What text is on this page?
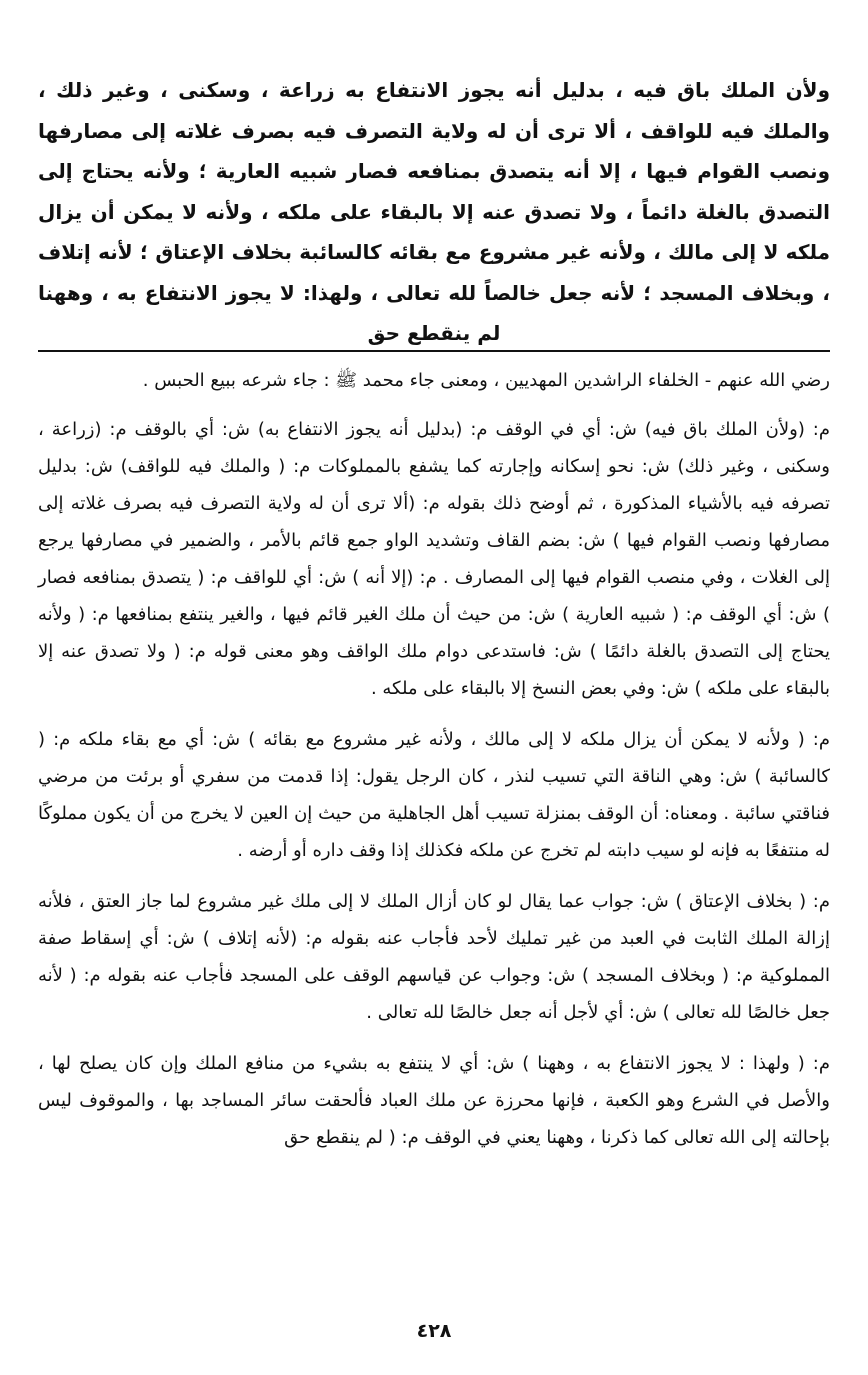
ولأن الملك باق فيه ، بدليل أنه يجوز الانتفاع به زراعة ، وسكنى ، وغير ذلك ، والملك فيه للواقف ، ألا ترى أن له ولاية التصرف فيه بصرف غلاته إلى مصارفها ونصب القوام فيها ، إلا أنه يتصدق بمنافعه فصار شبيه العارية ؛ ولأنه يحتاج إلى التصدق بالغلة دائماً ، ولا تصدق عنه إلا بالبقاء على ملكه ، ولأنه لا يمكن أن يزال ملكه لا إلى مالك ، ولأنه غير مشروع مع بقائه كالسائبة بخلاف الإعتاق ؛ لأنه إتلاف ، وبخلاف المسجد ؛ لأنه جعل خالصاً لله تعالى ، ولهذا: لا يجوز الانتفاع به ، وههنا لم ينقطع حق

رضي الله عنهم - الخلفاء الراشدين المهديين ، ومعنى جاء محمد ﷺ : جاء شرعه ببيع الحبس .

م: (ولأن الملك باق فيه) ش: أي في الوقف م: (بدليل أنه يجوز الانتفاع به) ش: أي بالوقف م: (زراعة ، وسكنى ، وغير ذلك) ش: نحو إسكانه وإجارته كما يشفع بالمملوكات م: ( والملك فيه للواقف) ش: بدليل تصرفه فيه بالأشياء المذكورة ، ثم أوضح ذلك بقوله م: (ألا ترى أن له ولاية التصرف فيه بصرف غلاته إلى مصارفها ونصب القوام فيها ) ش: بضم القاف وتشديد الواو جمع قائم بالأمر ، والضمير في مصارفها يرجع إلى الغلات ، وفي منصب القوام فيها إلى المصارف . م: (إلا أنه ) ش: أي للواقف م: ( يتصدق بمنافعه فصار ) ش: أي الوقف م: ( شبيه العارية ) ش: من حيث أن ملك الغير قائم فيها ، والغير ينتفع بمنافعها م: ( ولأنه يحتاج إلى التصدق بالغلة دائمًا ) ش: فاستدعى دوام ملك الواقف وهو معنى قوله م: ( ولا تصدق عنه إلا بالبقاء على ملكه ) ش: وفي بعض النسخ إلا بالبقاء على ملكه .

م: ( ولأنه لا يمكن أن يزال ملكه لا إلى مالك ، ولأنه غير مشروع مع بقائه ) ش: أي مع بقاء ملكه م: ( كالسائبة ) ش: وهي الناقة التي تسيب لنذر ، كان الرجل يقول: إذا قدمت من سفري أو برئت من مرضي فناقتي سائبة . ومعناه: أن الوقف بمنزلة تسيب أهل الجاهلية من حيث إن العين لا يخرج من أن يكون مملوكًا له منتفعًا به فإنه لو سيب دابته لم تخرج عن ملكه فكذلك إذا وقف داره أو أرضه .

م: ( بخلاف الإعتاق ) ش: جواب عما يقال لو كان أزال الملك لا إلى ملك غير مشروع لما جاز العتق ، فلأنه إزالة الملك الثابت في العبد من غير تمليك لأحد فأجاب عنه بقوله م: (لأنه إتلاف ) ش: أي إسقاط صفة المملوكية م: ( وبخلاف المسجد ) ش: وجواب عن قياسهم الوقف على المسجد فأجاب عنه بقوله م: ( لأنه جعل خالصًا لله تعالى ) ش: أي لأجل أنه جعل خالصًا لله تعالى .

م: ( ولهذا : لا يجوز الانتفاع به ، وههنا ) ش: أي لا ينتفع به بشيء من منافع الملك وإن كان يصلح لها ، والأصل في الشرع وهو الكعبة ، فإنها محرزة عن ملك العباد فألحقت سائر المساجد بها ، والموقوف ليس بإحالته إلى الله تعالى كما ذكرنا ، وههنا يعني في الوقف م: ( لم ينقطع حق

٤٢٨
